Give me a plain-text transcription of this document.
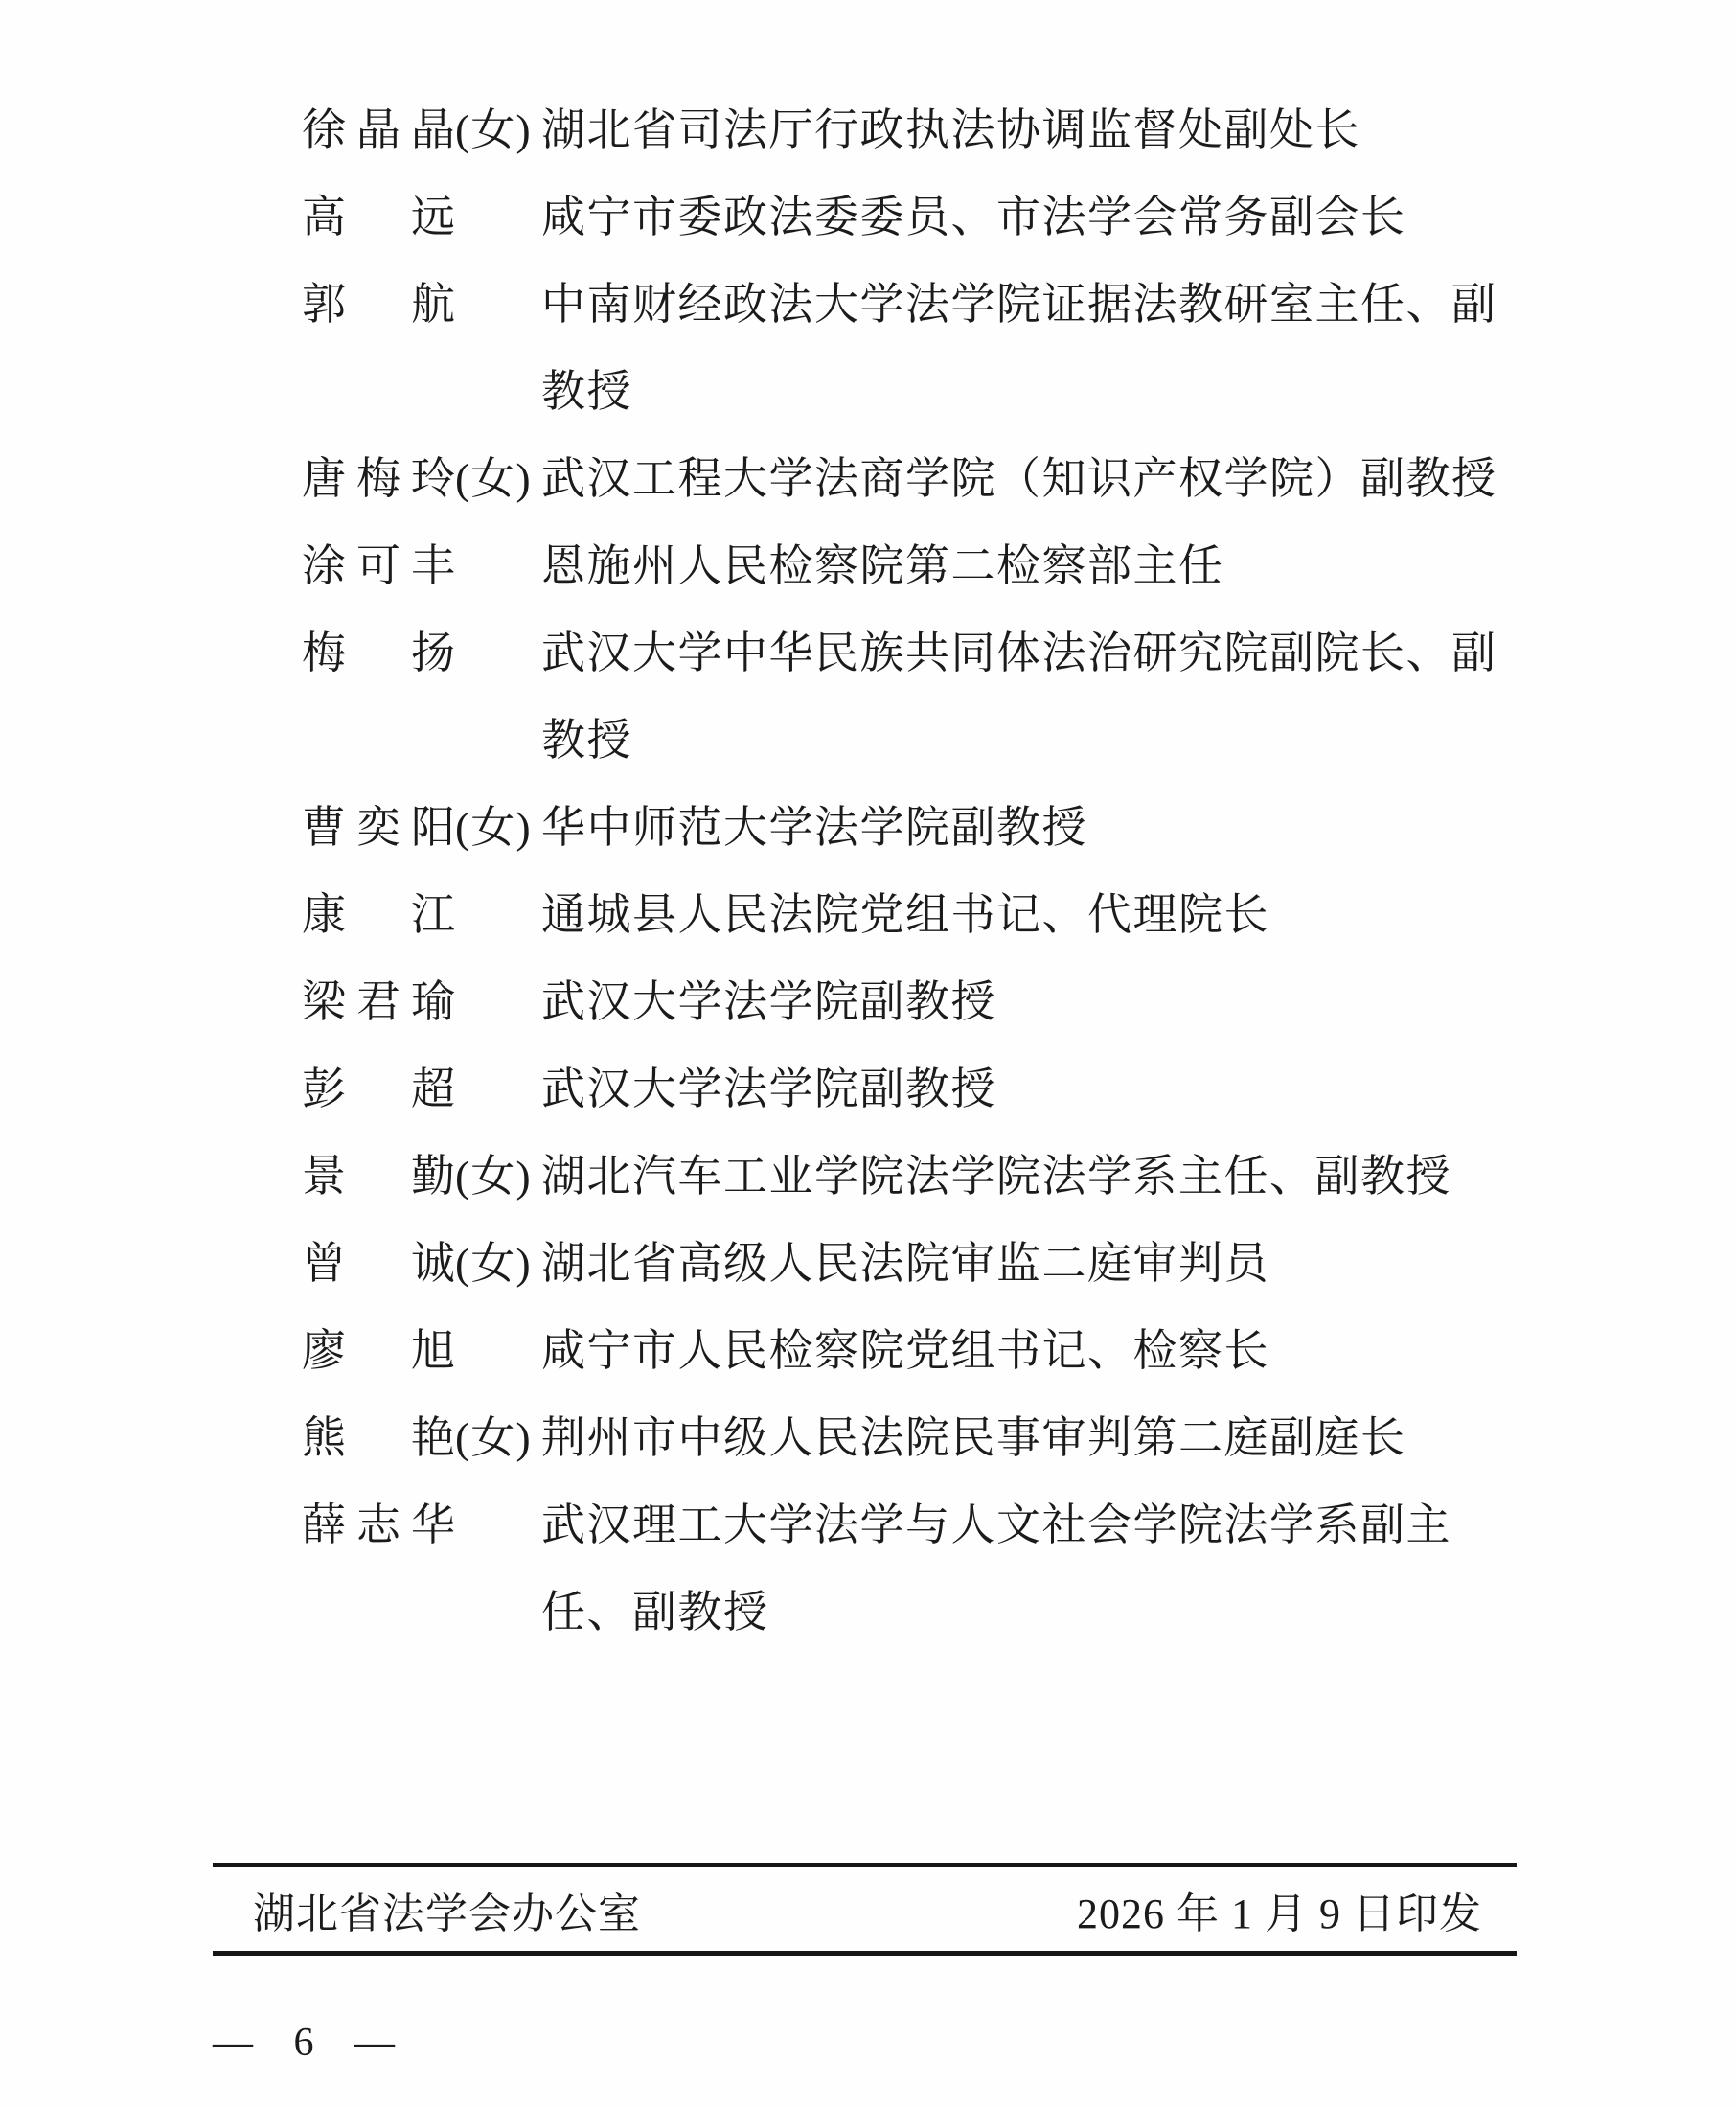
徐晶晶(女) 湖北省司法厅行政执法协调监督处副处长
高　远	咸宁市委政法委委员、市法学会常务副会长
郭　航	中南财经政法大学法学院证据法教研室主任、副
教授
唐梅玲(女) 武汉工程大学法商学院（知识产权学院）副教授
涂可丰	恩施州人民检察院第二检察部主任
梅　扬	武汉大学中华民族共同体法治研究院副院长、副
教授
曹奕阳(女) 华中师范大学法学院副教授
康　江	通城县人民法院党组书记、代理院长
梁君瑜	武汉大学法学院副教授
彭　超	武汉大学法学院副教授
景　勤(女) 湖北汽车工业学院法学院法学系主任、副教授
曾　诚(女) 湖北省高级人民法院审监二庭审判员
廖　旭	咸宁市人民检察院党组书记、检察长
熊　艳(女) 荆州市中级人民法院民事审判第二庭副庭长
薛志华	武汉理工大学法学与人文社会学院法学系副主
任、副教授
湖北省法学会办公室	2026 年 1 月 9 日印发
— 6 —
